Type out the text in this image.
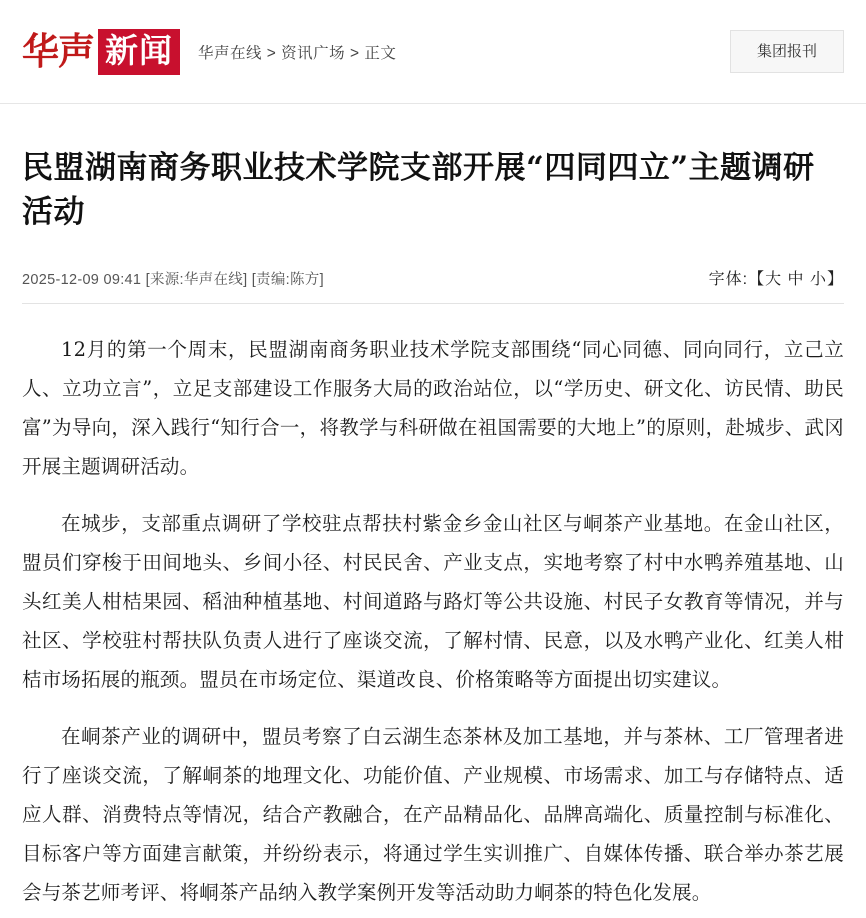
华声 新闻	华声在线 > 资讯广场 > 正文	集团报刊
民盟湖南商务职业技术学院支部开展“四同四立”主题调研活动
2025-12-09 09:41 [来源:华声在线] [责编:陈方]	字体:【大 中 小】

12月的第一个周末，民盟湖南商务职业技术学院支部围绕“同心同德、同向同行，立己立人、立功立言”，立足支部建设工作服务大局的政治站位，以“学历史、研文化、访民情、助民富”为导向，深入践行“知行合一，将教学与科研做在祖国需要的大地上”的原则，赴城步、武冈开展主题调研活动。

在城步，支部重点调研了学校驻点帮扶村紫金乡金山社区与峒茶产业基地。在金山社区，盟员们穿梭于田间地头、乡间小径、村民民舍、产业支点，实地考察了村中水鸭养殖基地、山头红美人柑桔果园、稻油种植基地、村间道路与路灯等公共设施、村民子女教育等情况，并与社区、学校驻村帮扶队负责人进行了座谈交流，了解村情、民意，以及水鸭产业化、红美人柑桔市场拓展的瓶颈。盟员在市场定位、渠道改良、价格策略等方面提出切实建议。

在峒茶产业的调研中，盟员考察了白云湖生态茶林及加工基地，并与茶林、工厂管理者进行了座谈交流，了解峒茶的地理文化、功能价值、产业规模、市场需求、加工与存储特点、适应人群、消费特点等情况，结合产教融合，在产品精品化、品牌高端化、质量控制与标准化、目标客户等方面建言献策，并纷纷表示，将通过学生实训推广、自媒体传播、联合举办茶艺展会与茶艺师考评、将峒茶产品纳入教学案例开发等活动助力峒茶的特色化发展。
